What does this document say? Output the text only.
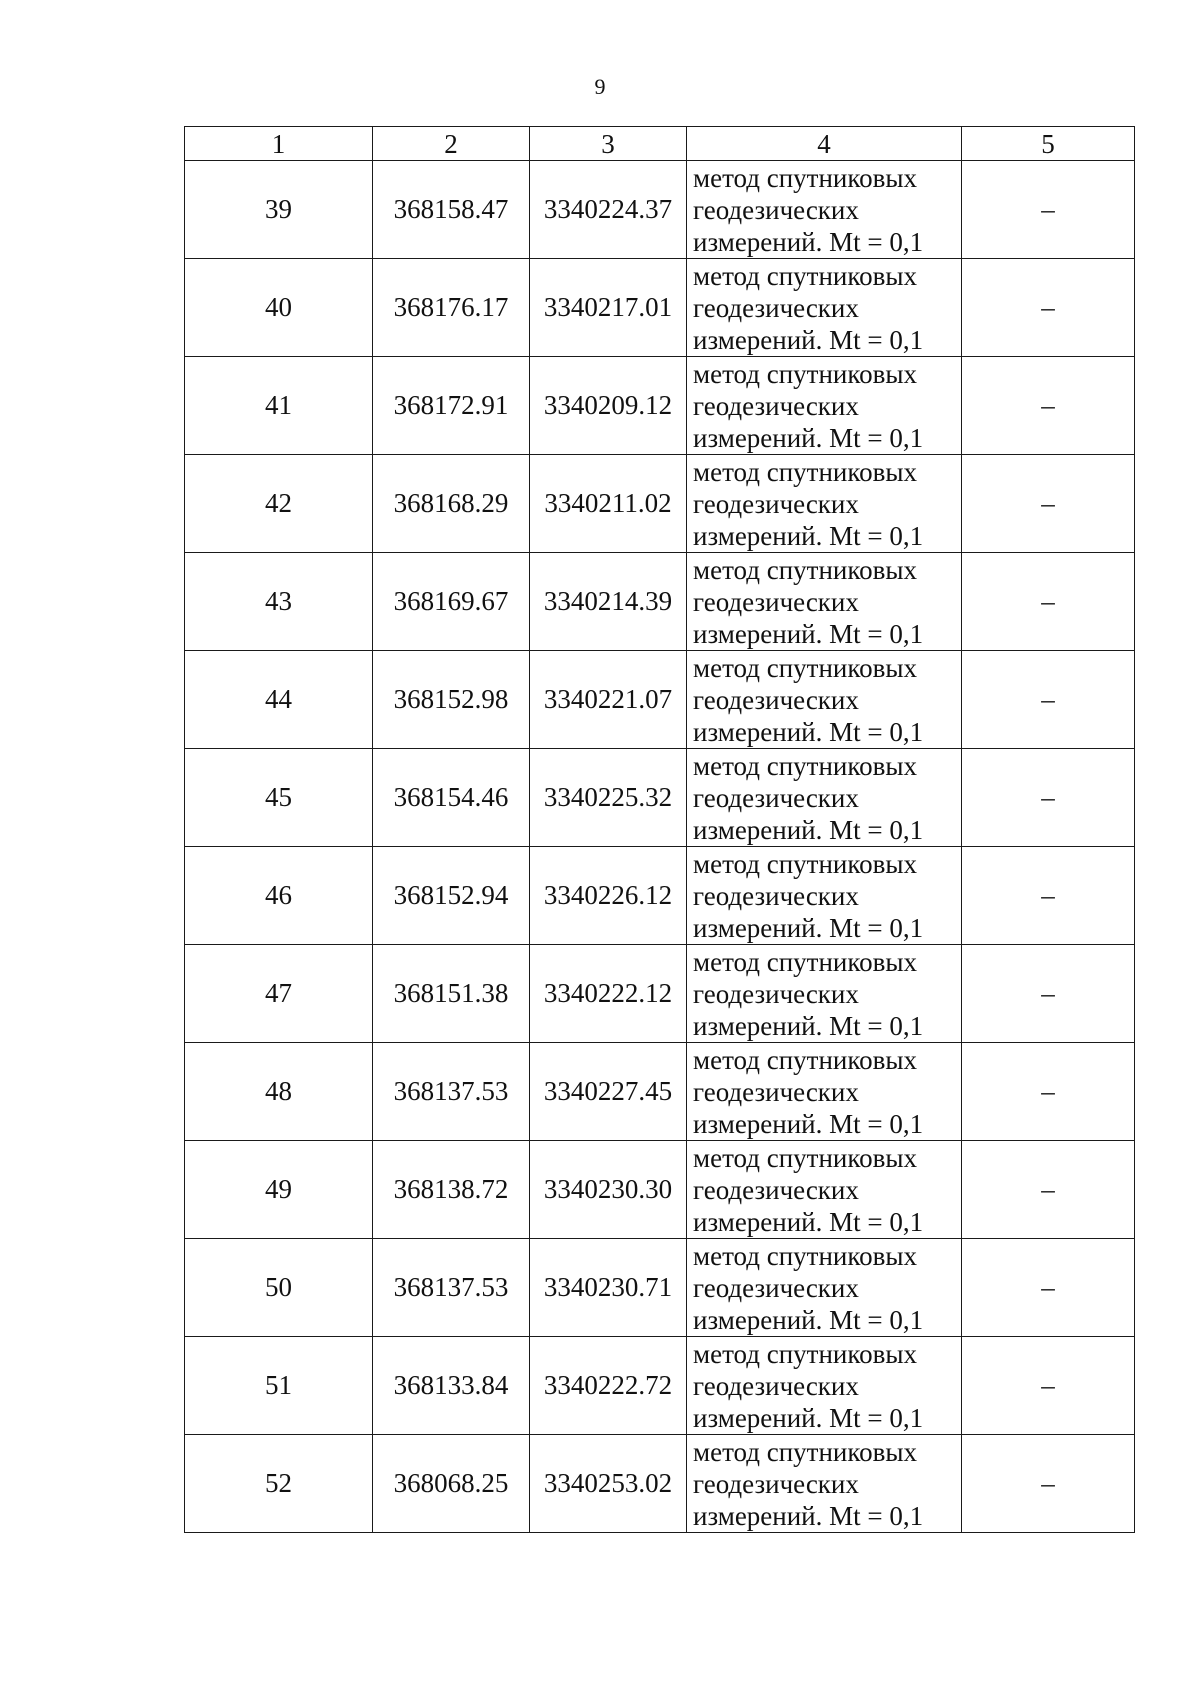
9
1	2	3	4	5
39	368158.47	3340224.37	метод спутниковых
геодезических
измерений. Mt = 0,1	–
40	368176.17	3340217.01	метод спутниковых
геодезических
измерений. Mt = 0,1	–
41	368172.91	3340209.12	метод спутниковых
геодезических
измерений. Mt = 0,1	–
42	368168.29	3340211.02	метод спутниковых
геодезических
измерений. Mt = 0,1	–
43	368169.67	3340214.39	метод спутниковых
геодезических
измерений. Mt = 0,1	–
44	368152.98	3340221.07	метод спутниковых
геодезических
измерений. Mt = 0,1	–
45	368154.46	3340225.32	метод спутниковых
геодезических
измерений. Mt = 0,1	–
46	368152.94	3340226.12	метод спутниковых
геодезических
измерений. Mt = 0,1	–
47	368151.38	3340222.12	метод спутниковых
геодезических
измерений. Mt = 0,1	–
48	368137.53	3340227.45	метод спутниковых
геодезических
измерений. Mt = 0,1	–
49	368138.72	3340230.30	метод спутниковых
геодезических
измерений. Mt = 0,1	–
50	368137.53	3340230.71	метод спутниковых
геодезических
измерений. Mt = 0,1	–
51	368133.84	3340222.72	метод спутниковых
геодезических
измерений. Mt = 0,1	–
52	368068.25	3340253.02	метод спутниковых
геодезических
измерений. Mt = 0,1	–
